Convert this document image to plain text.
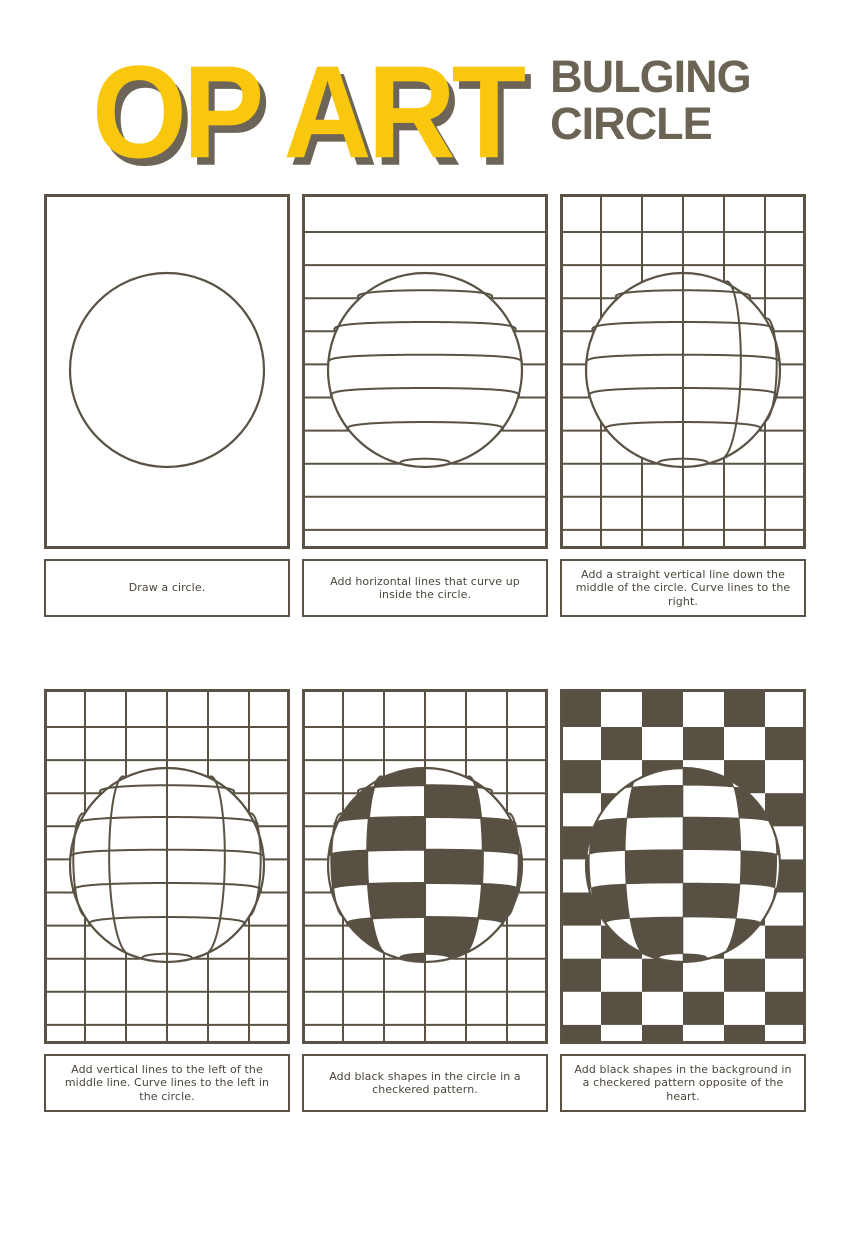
OP ART BULGING
CIRCLE
Draw a circle.
Add horizontal lines that curve up inside the circle.
Add a straight vertical line down the middle of the circle. Curve lines to the right.
Add vertical lines to the left of the middle line. Curve lines to the left in the circle.
Add black shapes in the circle in a checkered pattern.
Add black shapes in the background in a checkered pattern opposite of the heart.
